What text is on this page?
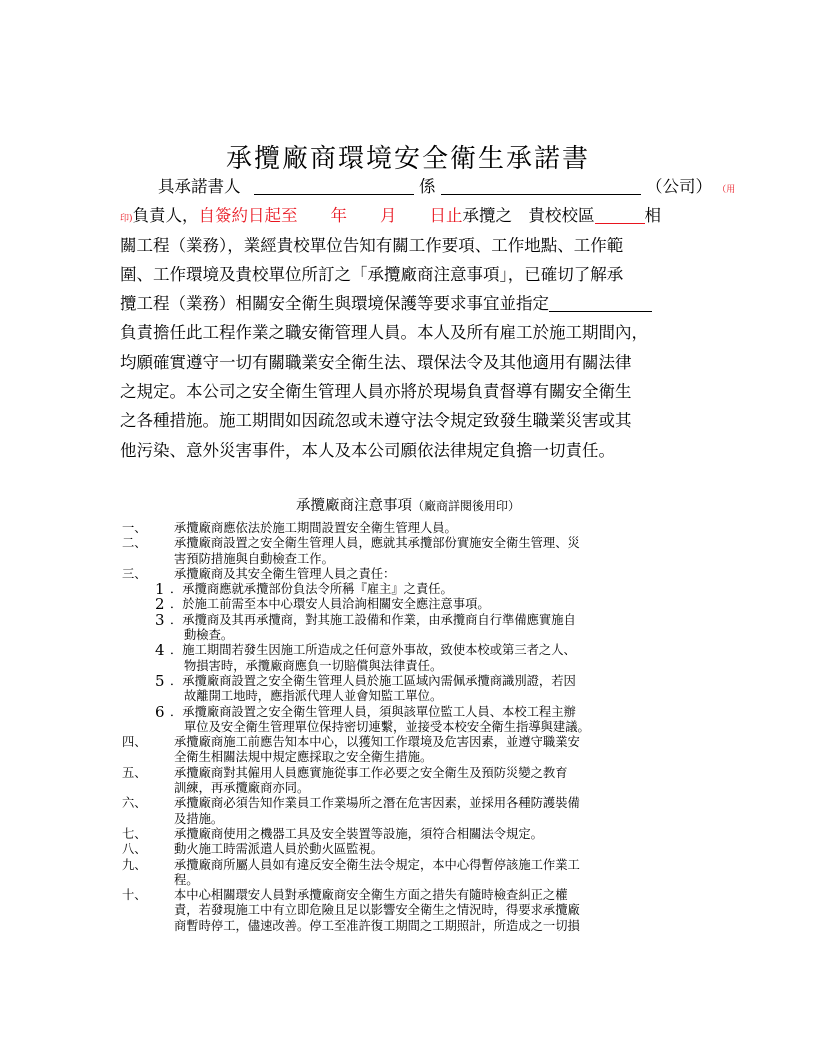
承攬廠商環境安全衛生承諾書
具承諾書人	係	（公司） （用
印)負責人，自簽約日起至　　年　　月　　日止承攬之　貴校校區	相
關工程（業務），業經貴校單位告知有關工作要項、工作地點、工作範
圍、工作環境及貴校單位所訂之「承攬廠商注意事項」，已確切了解承
攬工程（業務）相關安全衛生與環境保護等要求事宜並指定
負責擔任此工程作業之職安衛管理人員。本人及所有雇工於施工期間內，
均願確實遵守一切有關職業安全衛生法、環保法令及其他適用有關法律
之規定。本公司之安全衛生管理人員亦將於現場負責督導有關安全衛生
之各種措施。施工期間如因疏忽或未遵守法令規定致發生職業災害或其
他污染、意外災害事件，本人及本公司願依法律規定負擔一切責任。
承攬廠商注意事項（廠商詳閱後用印）
一、 承攬廠商應依法於施工期間設置安全衛生管理人員。
二、 承攬廠商設置之安全衛生管理人員，應就其承攬部份實施安全衛生管理、災
害預防措施與自動檢查工作。
三、 承攬廠商及其安全衛生管理人員之責任：
1 ．承攬商應就承攬部份負法令所稱『雇主』之責任。
2 ．於施工前需至本中心環安人員洽詢相關安全應注意事項。
3 ．承攬商及其再承攬商，對其施工設備和作業，由承攬商自行準備應實施自
動檢查。
4 ．施工期間若發生因施工所造成之任何意外事故，致使本校或第三者之人、
物損害時，承攬廠商應負一切賠償與法律責任。
5 ．承攬廠商設置之安全衛生管理人員於施工區域內需佩承攬商識別證，若因
故離開工地時，應指派代理人並會知監工單位。
6 ．承攬廠商設置之安全衛生管理人員，須與該單位監工人員、本校工程主辦
單位及安全衛生管理單位保持密切連繫，並接受本校安全衛生指導與建議。
四、 承攬廠商施工前應告知本中心，以獲知工作環境及危害因素，並遵守職業安
全衛生相關法規中規定應採取之安全衛生措施。
五、 承攬廠商對其僱用人員應實施從事工作必要之安全衛生及預防災變之教育
訓練，再承攬廠商亦同。
六、 承攬廠商必須告知作業員工作業場所之潛在危害因素，並採用各種防護裝備
及措施。
七、 承攬廠商使用之機器工具及安全裝置等設施，須符合相關法令規定。
八、 動火施工時需派遣人員於動火區監視。
九、 承攬廠商所屬人員如有違反安全衛生法令規定，本中心得暫停該施工作業工
程。
十、 本中心相關環安人員對承攬廠商安全衛生方面之措失有隨時檢查糾正之權
責，若發現施工中有立即危險且足以影響安全衛生之情況時，得要求承攬廠
商暫時停工，儘速改善。停工至准許復工期間之工期照計，所造成之一切損
